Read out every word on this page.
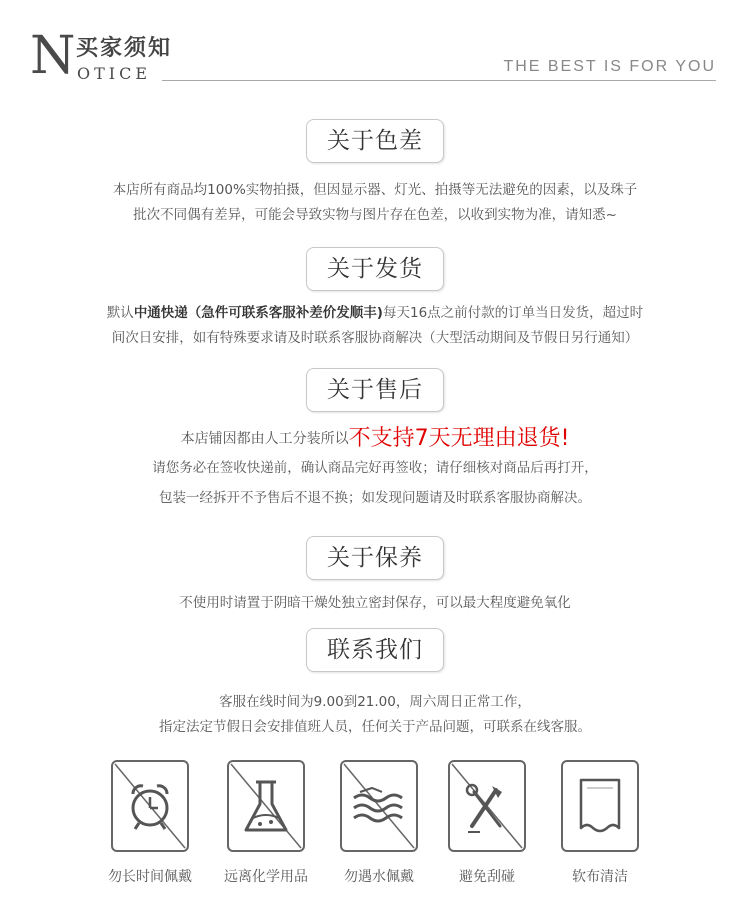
N 买家须知
OTICE	THE BEST IS FOR YOU
关于色差
本店所有商品均100%实物拍摄，但因显示器、灯光、拍摄等无法避免的因素，以及珠子
批次不同偶有差异，可能会导致实物与图片存在色差，以收到实物为准，请知悉~
关于发货
默认中通快递（急件可联系客服补差价发顺丰)每天16点之前付款的订单当日发货，超过时
间次日安排，如有特殊要求请及时联系客服协商解决（大型活动期间及节假日另行通知）
关于售后
本店铺因都由人工分装所以不支持7天无理由退货!
请您务必在签收快递前，确认商品完好再签收；请仔细核对商品后再打开，
包装一经拆开不予售后不退不换；如发现问题请及时联系客服协商解决。
关于保养
不使用时请置于阴暗干燥处独立密封保存，可以最大程度避免氧化
联系我们
客服在线时间为9.00到21.00，周六周日正常工作，
指定法定节假日会安排值班人员，任何关于产品问题，可联系在线客服。
勿长时间佩戴	远离化学用品	勿遇水佩戴	避免刮碰	软布清洁
